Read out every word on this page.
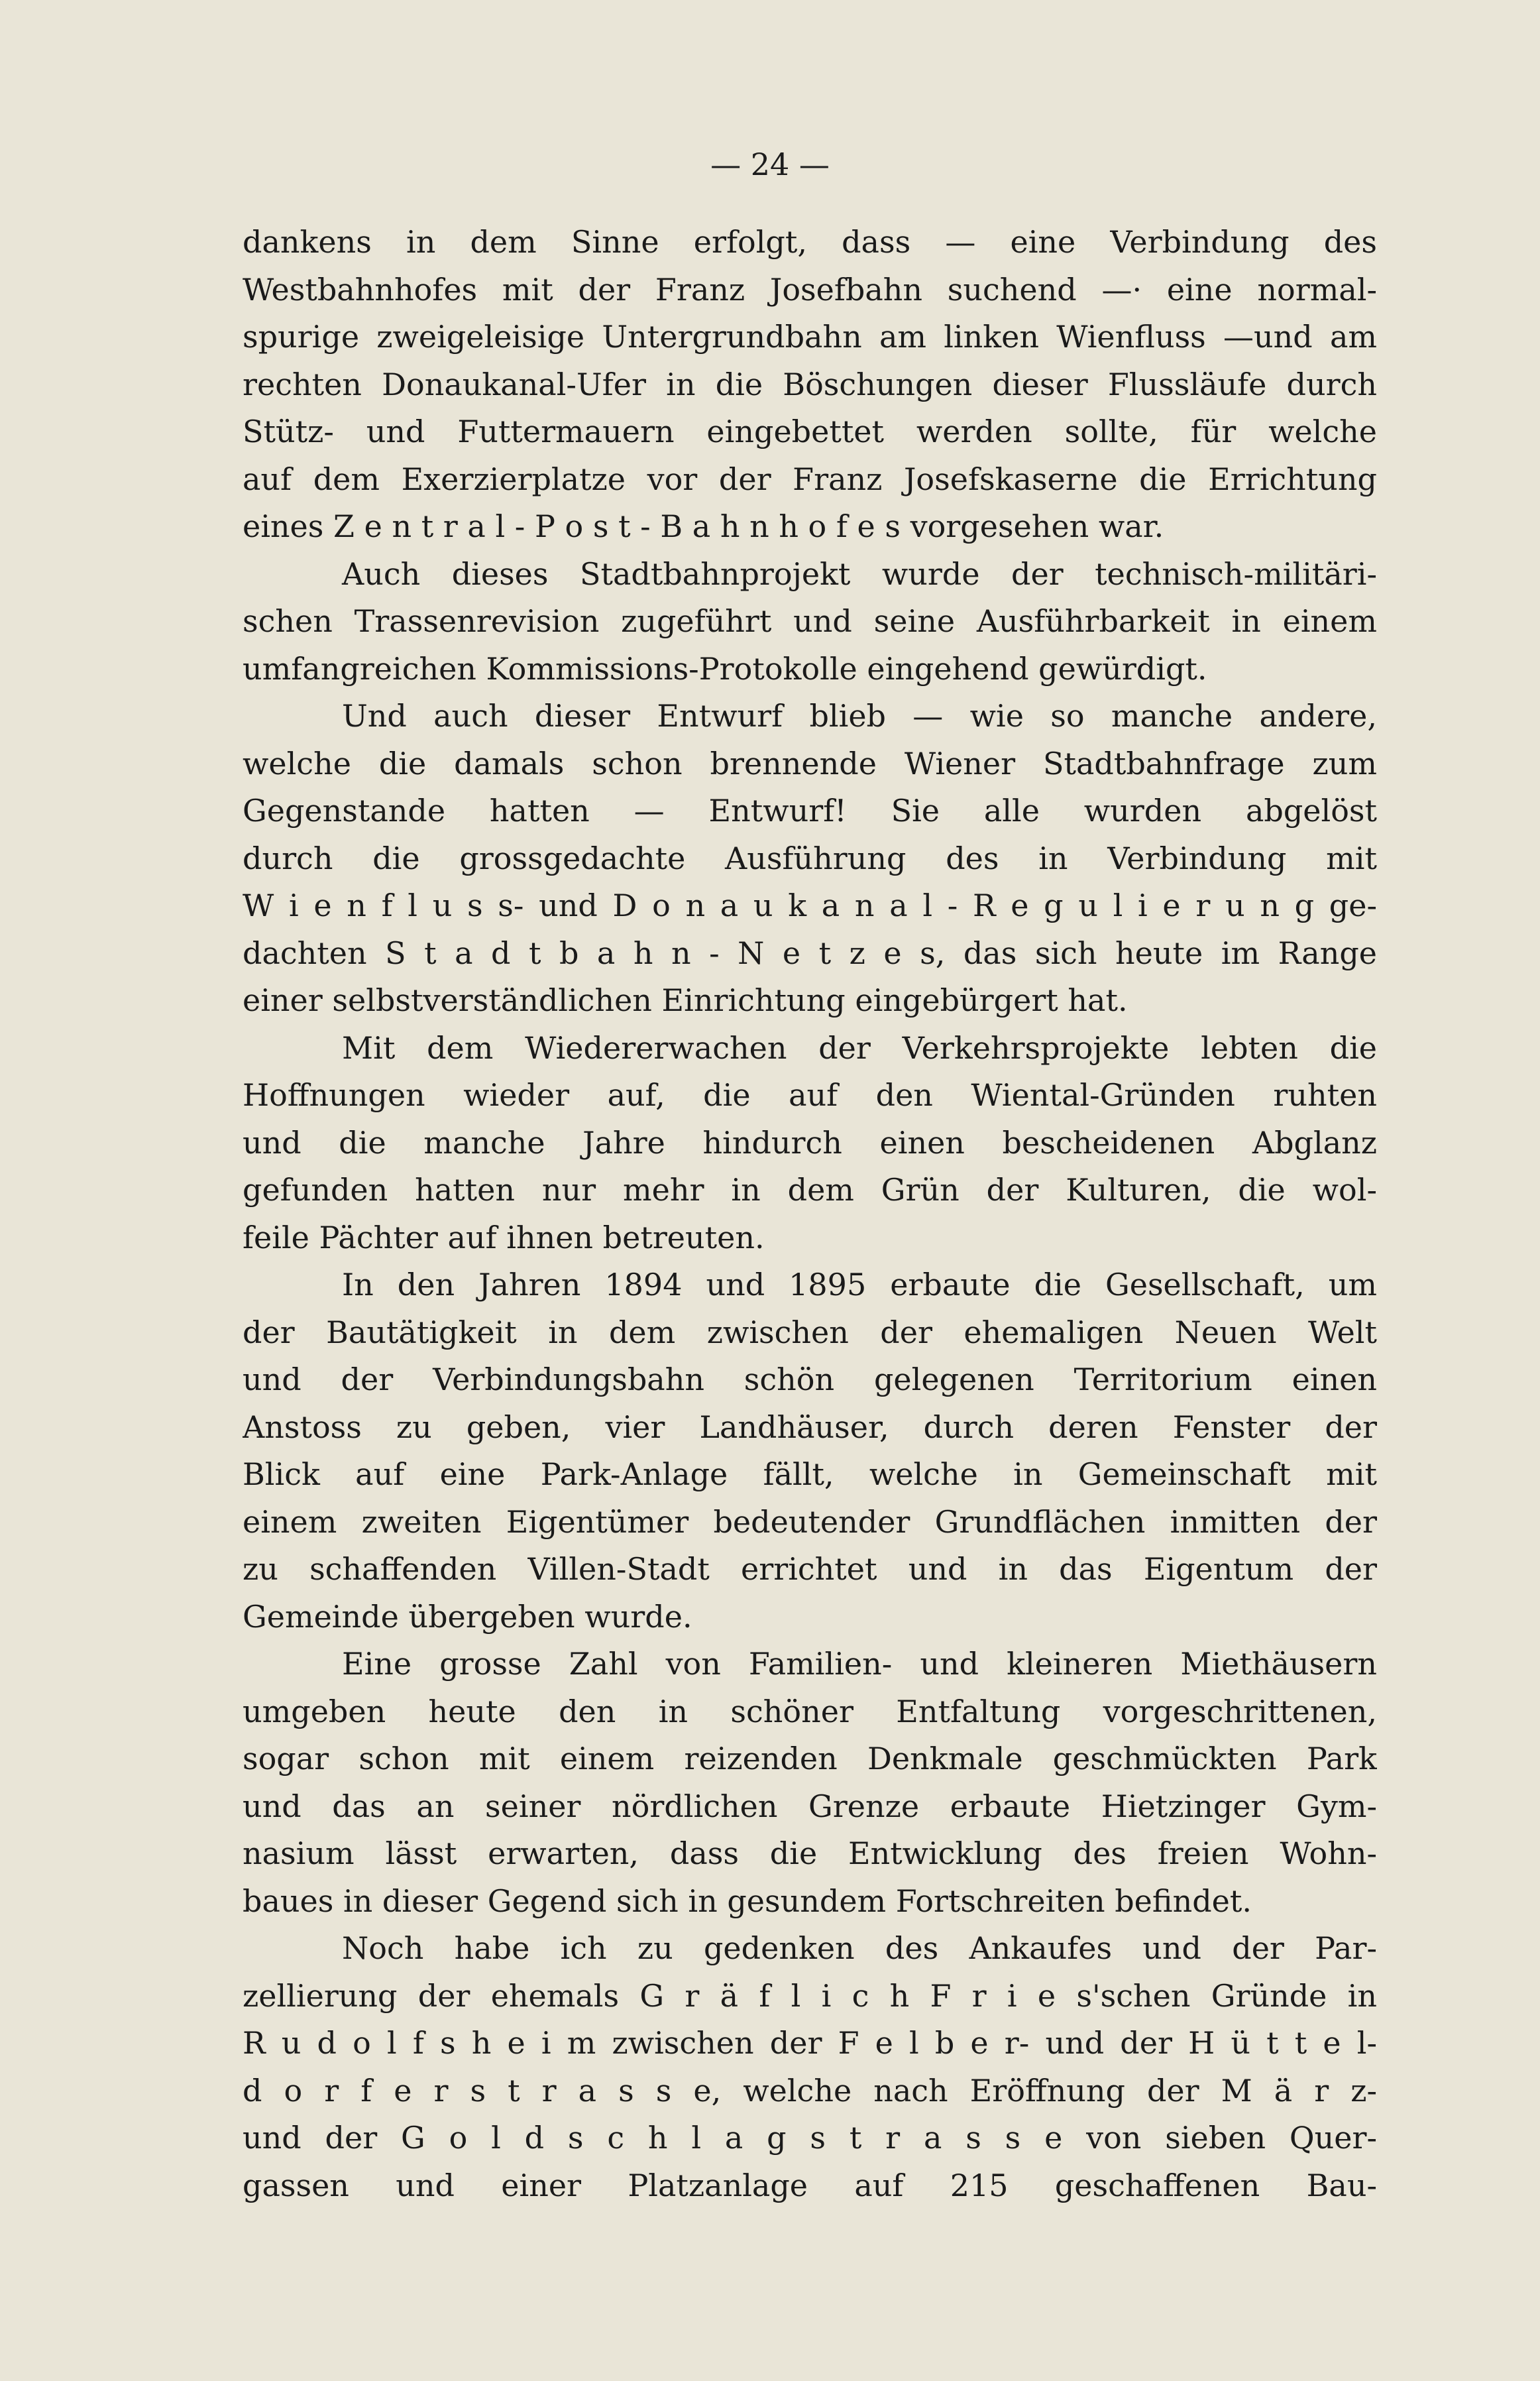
— 24 —
dankens in dem Sinne erfolgt, dass — eine Verbindung des
Westbahnhofes mit der Franz Josefbahn suchend —· eine normal-
spurige zweigeleisige Untergrundbahn am linken Wienfluss —und am
rechten Donaukanal-Ufer in die Böschungen dieser Flussläufe durch
Stütz- und Futtermauern eingebettet werden sollte, für welche
auf dem Exerzierplatze vor der Franz Josefskaserne die Errichtung
eines Z e n t r a l - P o s t - B a h n h o f e s vorgesehen war.
Auch dieses Stadtbahnprojekt wurde der technisch-militäri-
schen Trassenrevision zugeführt und seine Ausführbarkeit in einem
umfangreichen Kommissions-Protokolle eingehend gewürdigt.
Und auch dieser Entwurf blieb — wie so manche andere,
welche die damals schon brennende Wiener Stadtbahnfrage zum
Gegenstande hatten — Entwurf! Sie alle wurden abgelöst
durch die grossgedachte Ausführung des in Verbindung mit
W i e n f l u s s- und D o n a u k a n a l - R e g u l i e r u n g ge-
dachten S t a d t b a h n - N e t z e s, das sich heute im Range
einer selbstverständlichen Einrichtung eingebürgert hat.
Mit dem Wiedererwachen der Verkehrsprojekte lebten die
Hoffnungen wieder auf, die auf den Wiental-Gründen ruhten
und die manche Jahre hindurch einen bescheidenen Abglanz
gefunden hatten nur mehr in dem Grün der Kulturen, die wol-
feile Pächter auf ihnen betreuten.
In den Jahren 1894 und 1895 erbaute die Gesellschaft, um
der Bautätigkeit in dem zwischen der ehemaligen Neuen Welt
und der Verbindungsbahn schön gelegenen Territorium einen
Anstoss zu geben, vier Landhäuser, durch deren Fenster der
Blick auf eine Park-Anlage fällt, welche in Gemeinschaft mit
einem zweiten Eigentümer bedeutender Grundflächen inmitten der
zu schaffenden Villen-Stadt errichtet und in das Eigentum der
Gemeinde übergeben wurde.
Eine grosse Zahl von Familien- und kleineren Miethäusern
umgeben heute den in schöner Entfaltung vorgeschrittenen,
sogar schon mit einem reizenden Denkmale geschmückten Park
und das an seiner nördlichen Grenze erbaute Hietzinger Gym-
nasium lässt erwarten, dass die Entwicklung des freien Wohn-
baues in dieser Gegend sich in gesundem Fortschreiten befindet.
Noch habe ich zu gedenken des Ankaufes und der Par-
zellierung der ehemals G r ä f l i c h F r i e s'schen Gründe in
R u d o l f s h e i m zwischen der F e l b e r- und der H ü t t e l-
d o r f e r s t r a s s e, welche nach Eröffnung der M ä r z-
und der G o l d s c h l a g s t r a s s e von sieben Quer-
gassen und einer Platzanlage auf 215 geschaffenen Bau-
